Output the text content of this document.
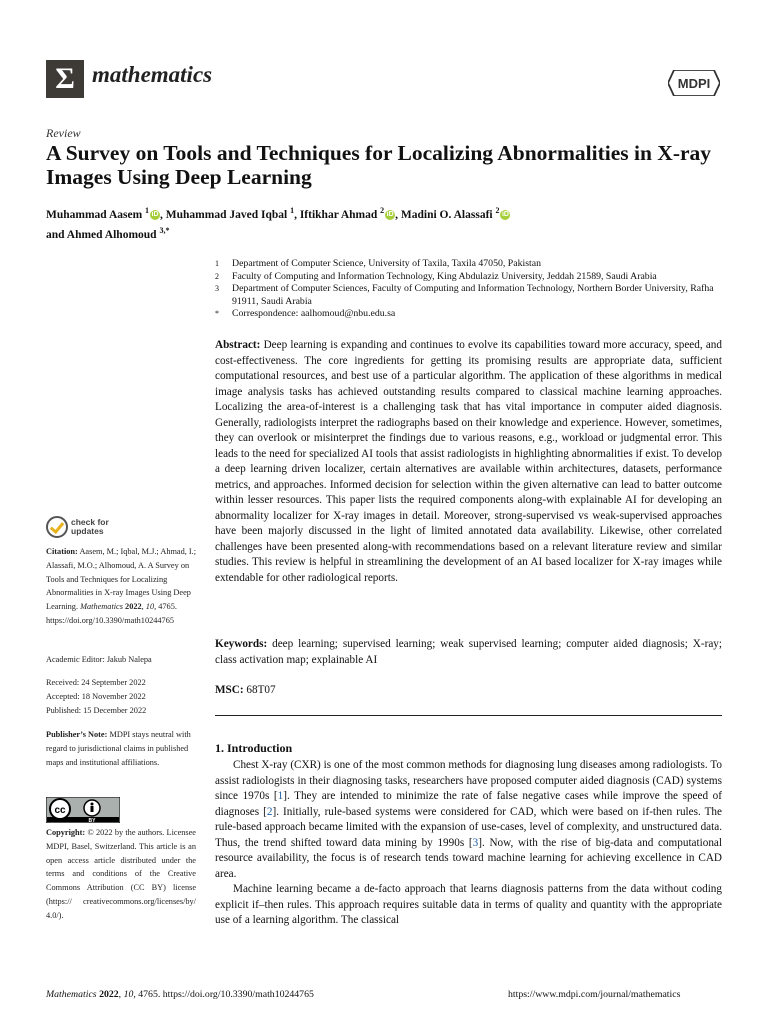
Σ mathematics	MDPI
Review
A Survey on Tools and Techniques for Localizing Abnormalities in X-ray Images Using Deep Learning
Muhammad Aasem $^1$ iD , Muhammad Javed Iqbal $^1$, Iftikhar Ahmad $^2$ iD , Madini O. Alassafi $^2$ iD
and Ahmed Alhomoud $^{3,*}$
1	Department of Computer Science, University of Taxila, Taxila 47050, Pakistan
2	Faculty of Computing and Information Technology, King Abdulaziz University, Jeddah 21589, Saudi Arabia
3	Department of Computer Sciences, Faculty of Computing and Information Technology, Northern Border University, Rafha 91911, Saudi Arabia
*	Correspondence: aalhomoud@nbu.edu.sa
Abstract: Deep learning is expanding and continues to evolve its capabilities toward more accuracy, speed, and cost-effectiveness. The core ingredients for getting its promising results are appropriate data, sufficient computational resources, and best use of a particular algorithm. The application of these algorithms in medical image analysis tasks has achieved outstanding results compared to classical machine learning approaches. Localizing the area-of-interest is a challenging task that has vital importance in computer aided diagnosis. Generally, radiologists interpret the radiographs based on their knowledge and experience. However, sometimes, they can overlook or misinterpret the findings due to various reasons, e.g., workload or judgmental error. This leads to the need for specialized AI tools that assist radiologists in highlighting abnormalities if exist. To develop a deep learning driven localizer, certain alternatives are available within architectures, datasets, performance metrics, and approaches. Informed decision for selection within the given alternative can lead to batter outcome within lesser resources. This paper lists the required components along-with explainable AI for developing an abnormality localizer for X-ray images in detail. Moreover, strong-supervised vs weak-supervised approaches have been majorly discussed in the light of limited annotated data availability. Likewise, other correlated challenges have been presented along-with recommendations based on a relevant literature review and similar studies. This review is helpful in streamlining the development of an AI based localizer for X-ray images while extendable for other radiological reports.
Keywords: deep learning; supervised learning; weak supervised learning; computer aided diagnosis; X-ray; class activation map; explainable AI
MSC: 68T07
1. Introduction

Chest X-ray (CXR) is one of the most common methods for diagnosing lung diseases among radiologists. To assist radiologists in their diagnosing tasks, researchers have proposed computer aided diagnosis (CAD) systems since 1970s [1]. They are intended to minimize the rate of false negative cases while improve the speed of diagnoses [2]. Initially, rule-based systems were considered for CAD, which were based on if-then rules. The rule-based approach became limited with the expansion of use-cases, level of complexity, and unstructured data. Thus, the trend shifted toward data mining by 1990s [3]. Now, with the rise of big-data and computational resource availability, the focus is of research tends toward machine learning for achieving excellence in CAD area.

Machine learning became a de-facto approach that learns diagnosis patterns from the data without coding explicit if–then rules. This approach requires suitable data in terms of quality and quantity with the appropriate use of a learning algorithm. The classical

check for
updates
Citation: Aasem, M.; Iqbal, M.J.; Ahmad, I.; Alassafi, M.O.; Alhomoud, A. A Survey on Tools and Techniques for Localizing Abnormalities in X-ray Images Using Deep Learning. Mathematics 2022, 10, 4765. https://doi.org/10.3390/math10244765
Academic Editor: Jakub Nalepa
Received: 24 September 2022
Accepted: 18 November 2022
Published: 15 December 2022
Publisher’s Note: MDPI stays neutral with regard to jurisdictional claims in published maps and institutional affiliations.
cc
BY
Copyright: © 2022 by the authors. Licensee MDPI, Basel, Switzerland. This article is an open access article distributed under the terms and conditions of the Creative Commons Attribution (CC BY) license (https:// creativecommons.org/licenses/by/ 4.0/).
Mathematics 2022, 10, 4765. https://doi.org/10.3390/math10244765	https://www.mdpi.com/journal/mathematics
